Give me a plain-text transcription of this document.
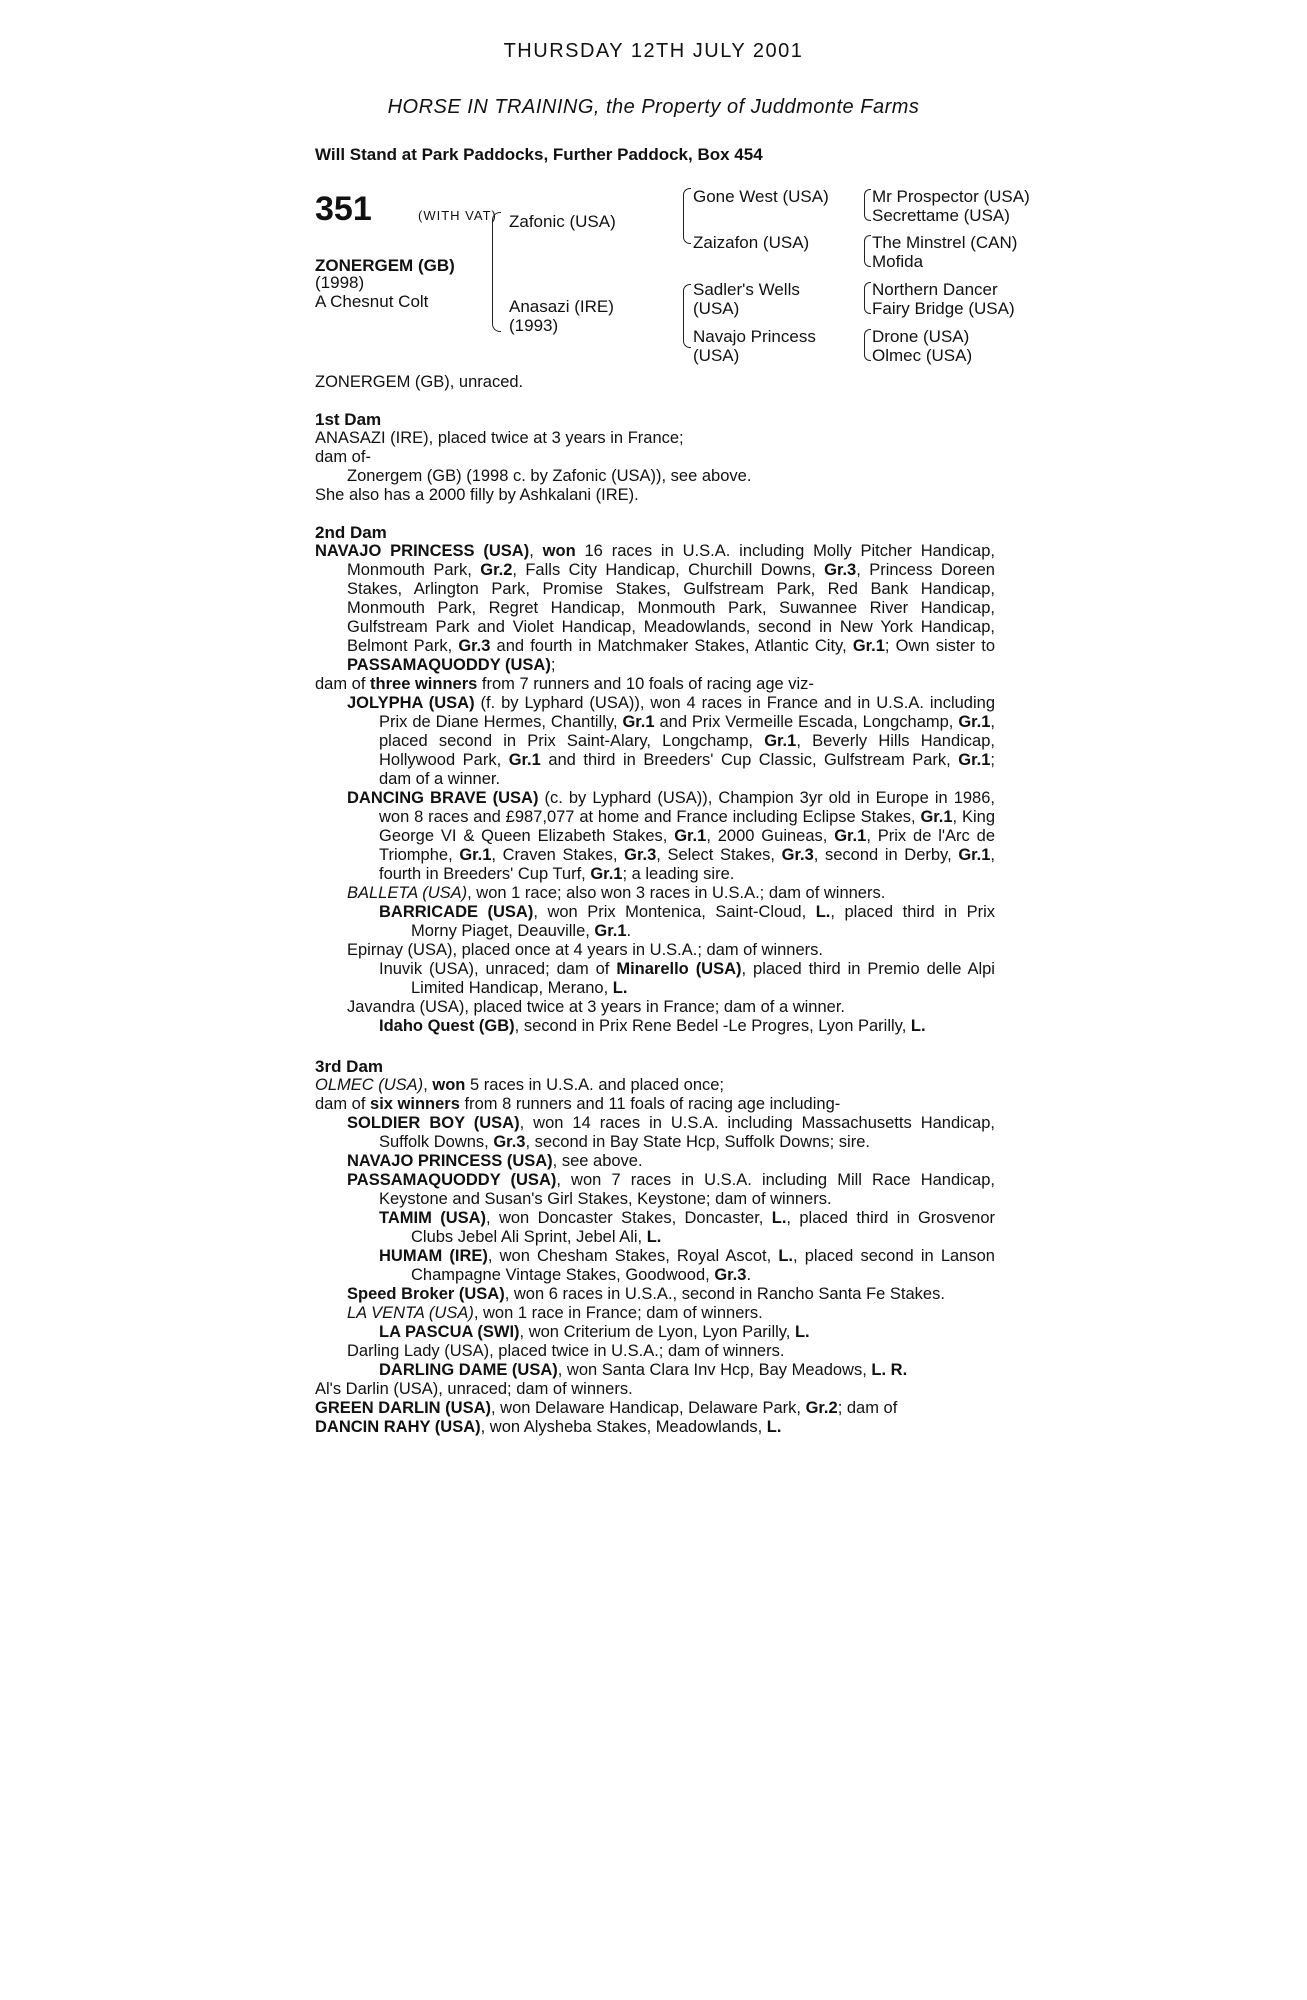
THURSDAY 12TH JULY 2001
HORSE IN TRAINING, the Property of Juddmonte Farms
Will Stand at Park Paddocks, Further Paddock, Box 454
351	(WITH VAT)
ZONERGEM (GB)
(1998)
A Chesnut Colt
Zafonic (USA)
Anasazi (IRE)
(1993)
Gone West (USA)
Zaizafon (USA)
Sadler's Wells
(USA)
Navajo Princess
(USA)
Mr Prospector (USA)
Secrettame (USA)
The Minstrel (CAN)
Mofida
Northern Dancer
Fairy Bridge (USA)
Drone (USA)
Olmec (USA)

ZONERGEM (GB), unraced.

1st Dam

ANASAZI (IRE), placed twice at 3 years in France;

dam of-

Zonergem (GB) (1998 c. by Zafonic (USA)), see above.

She also has a 2000 filly by Ashkalani (IRE).

2nd Dam

NAVAJO PRINCESS (USA), won 16 races in U.S.A. including Molly Pitcher Handicap, Monmouth Park, Gr.2, Falls City Handicap, Churchill Downs, Gr.3, Princess Doreen Stakes, Arlington Park, Promise Stakes, Gulfstream Park, Red Bank Handicap, Monmouth Park, Regret Handicap, Monmouth Park, Suwannee River Handicap, Gulfstream Park and Violet Handicap, Meadowlands, second in New York Handicap, Belmont Park, Gr.3 and fourth in Matchmaker Stakes, Atlantic City, Gr.1; Own sister to PASSAMAQUODDY (USA);

dam of three winners from 7 runners and 10 foals of racing age viz-

JOLYPHA (USA) (f. by Lyphard (USA)), won 4 races in France and in U.S.A. including Prix de Diane Hermes, Chantilly, Gr.1 and Prix Vermeille Escada, Longchamp, Gr.1, placed second in Prix Saint-Alary, Longchamp, Gr.1, Beverly Hills Handicap, Hollywood Park, Gr.1 and third in Breeders' Cup Classic, Gulfstream Park, Gr.1; dam of a winner.

DANCING BRAVE (USA) (c. by Lyphard (USA)), Champion 3yr old in Europe in 1986, won 8 races and £987,077 at home and France including Eclipse Stakes, Gr.1, King George VI & Queen Elizabeth Stakes, Gr.1, 2000 Guineas, Gr.1, Prix de l'Arc de Triomphe, Gr.1, Craven Stakes, Gr.3, Select Stakes, Gr.3, second in Derby, Gr.1, fourth in Breeders' Cup Turf, Gr.1; a leading sire.

BALLETA (USA), won 1 race; also won 3 races in U.S.A.; dam of winners.

BARRICADE (USA), won Prix Montenica, Saint-Cloud, L., placed third in Prix Morny Piaget, Deauville, Gr.1.

Epirnay (USA), placed once at 4 years in U.S.A.; dam of winners.

Inuvik (USA), unraced; dam of Minarello (USA), placed third in Premio delle Alpi Limited Handicap, Merano, L.

Javandra (USA), placed twice at 3 years in France; dam of a winner.

Idaho Quest (GB), second in Prix Rene Bedel -Le Progres, Lyon Parilly, L.

3rd Dam

OLMEC (USA), won 5 races in U.S.A. and placed once;

dam of six winners from 8 runners and 11 foals of racing age including-

SOLDIER BOY (USA), won 14 races in U.S.A. including Massachusetts Handicap, Suffolk Downs, Gr.3, second in Bay State Hcp, Suffolk Downs; sire.

NAVAJO PRINCESS (USA), see above.

PASSAMAQUODDY (USA), won 7 races in U.S.A. including Mill Race Handicap, Keystone and Susan's Girl Stakes, Keystone; dam of winners.

TAMIM (USA), won Doncaster Stakes, Doncaster, L., placed third in Grosvenor Clubs Jebel Ali Sprint, Jebel Ali, L.

HUMAM (IRE), won Chesham Stakes, Royal Ascot, L., placed second in Lanson Champagne Vintage Stakes, Goodwood, Gr.3.

Speed Broker (USA), won 6 races in U.S.A., second in Rancho Santa Fe Stakes.

LA VENTA (USA), won 1 race in France; dam of winners.

LA PASCUA (SWI), won Criterium de Lyon, Lyon Parilly, L.

Darling Lady (USA), placed twice in U.S.A.; dam of winners.

DARLING DAME (USA), won Santa Clara Inv Hcp, Bay Meadows, L. R.

Al's Darlin (USA), unraced; dam of winners.

GREEN DARLIN (USA), won Delaware Handicap, Delaware Park, Gr.2; dam of

DANCIN RAHY (USA), won Alysheba Stakes, Meadowlands, L.
